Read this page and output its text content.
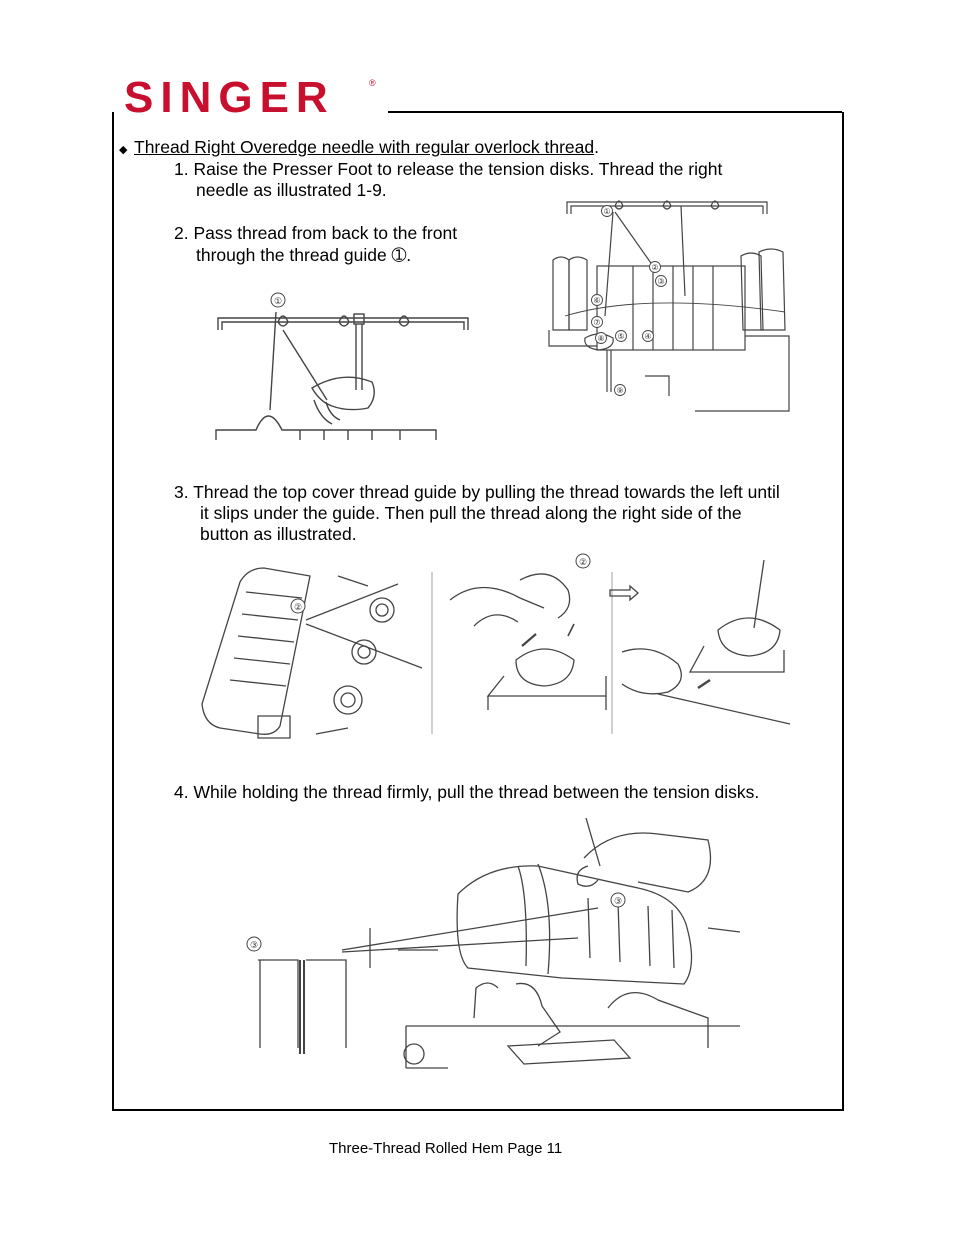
SINGER	®
◆ Thread Right Overedge needle with regular overlock thread.
1. Raise the Presser Foot to release the tension disks. Thread the right
needle as illustrated 1-9.
2. Pass thread from back to the front
through the thread guide ➀.
①
①
②
③
④
⑤
⑥
⑦
⑧
⑨
3. Thread the top cover thread guide by pulling the thread towards the left until
it slips under the guide. Then pull the thread along the right side of the
button as illustrated.
②
②
4. While holding the thread firmly, pull the thread between the tension disks.
③
③
Three-Thread Rolled Hem Page 11
